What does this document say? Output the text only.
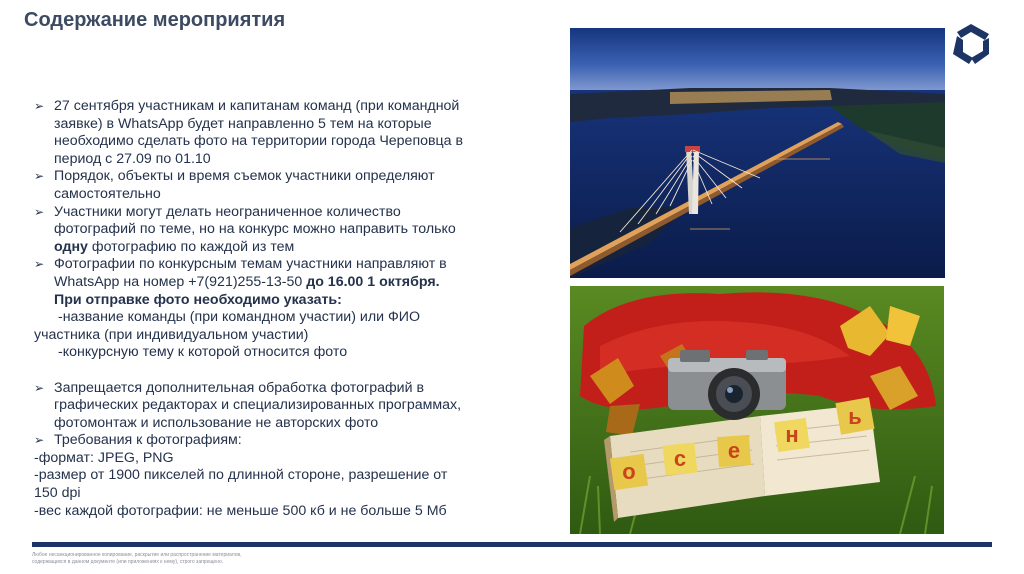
Содержание мероприятия
➢ 27 сентября участникам и капитанам команд (при командной
заявке) в WhatsApp будет направленно 5 тем на которые
необходимо сделать фото на территории города Череповца в
период с 27.09 по 01.10
➢ Порядок, объекты и время съемок участники определяют
самостоятельно
➢ Участники могут делать неограниченное количество
фотографий по теме, но на конкурс можно направить только
одну фотографию по каждой из тем
➢ Фотографии по конкурсным темам участники направляют в
WhatsApp на номер +7(921)255-13-50 до 16.00 1 октября.
При отправке фото необходимо указать:
-название команды (при командном участии) или ФИО
участника (при индивидуальном участии)
-конкурсную тему к которой относится фото
➢ Запрещается дополнительная обработка фотографий в
графических редакторах и специализированных программах,
фотомонтаж и использование не авторских фото
➢ Требования к фотографиям:
-формат: JPEG, PNG
-размер от 1900 пикселей по длинной стороне, разрешение от
150 dpi
-вес каждой фотографии: не меньше 500 кб и не больше 5 Мб
о
с е
н
ь
Любое несанкционированное копирование, раскрытие или распространение материалов,
содержащихся в данном документе (или приложениях к нему), строго запрещено.
